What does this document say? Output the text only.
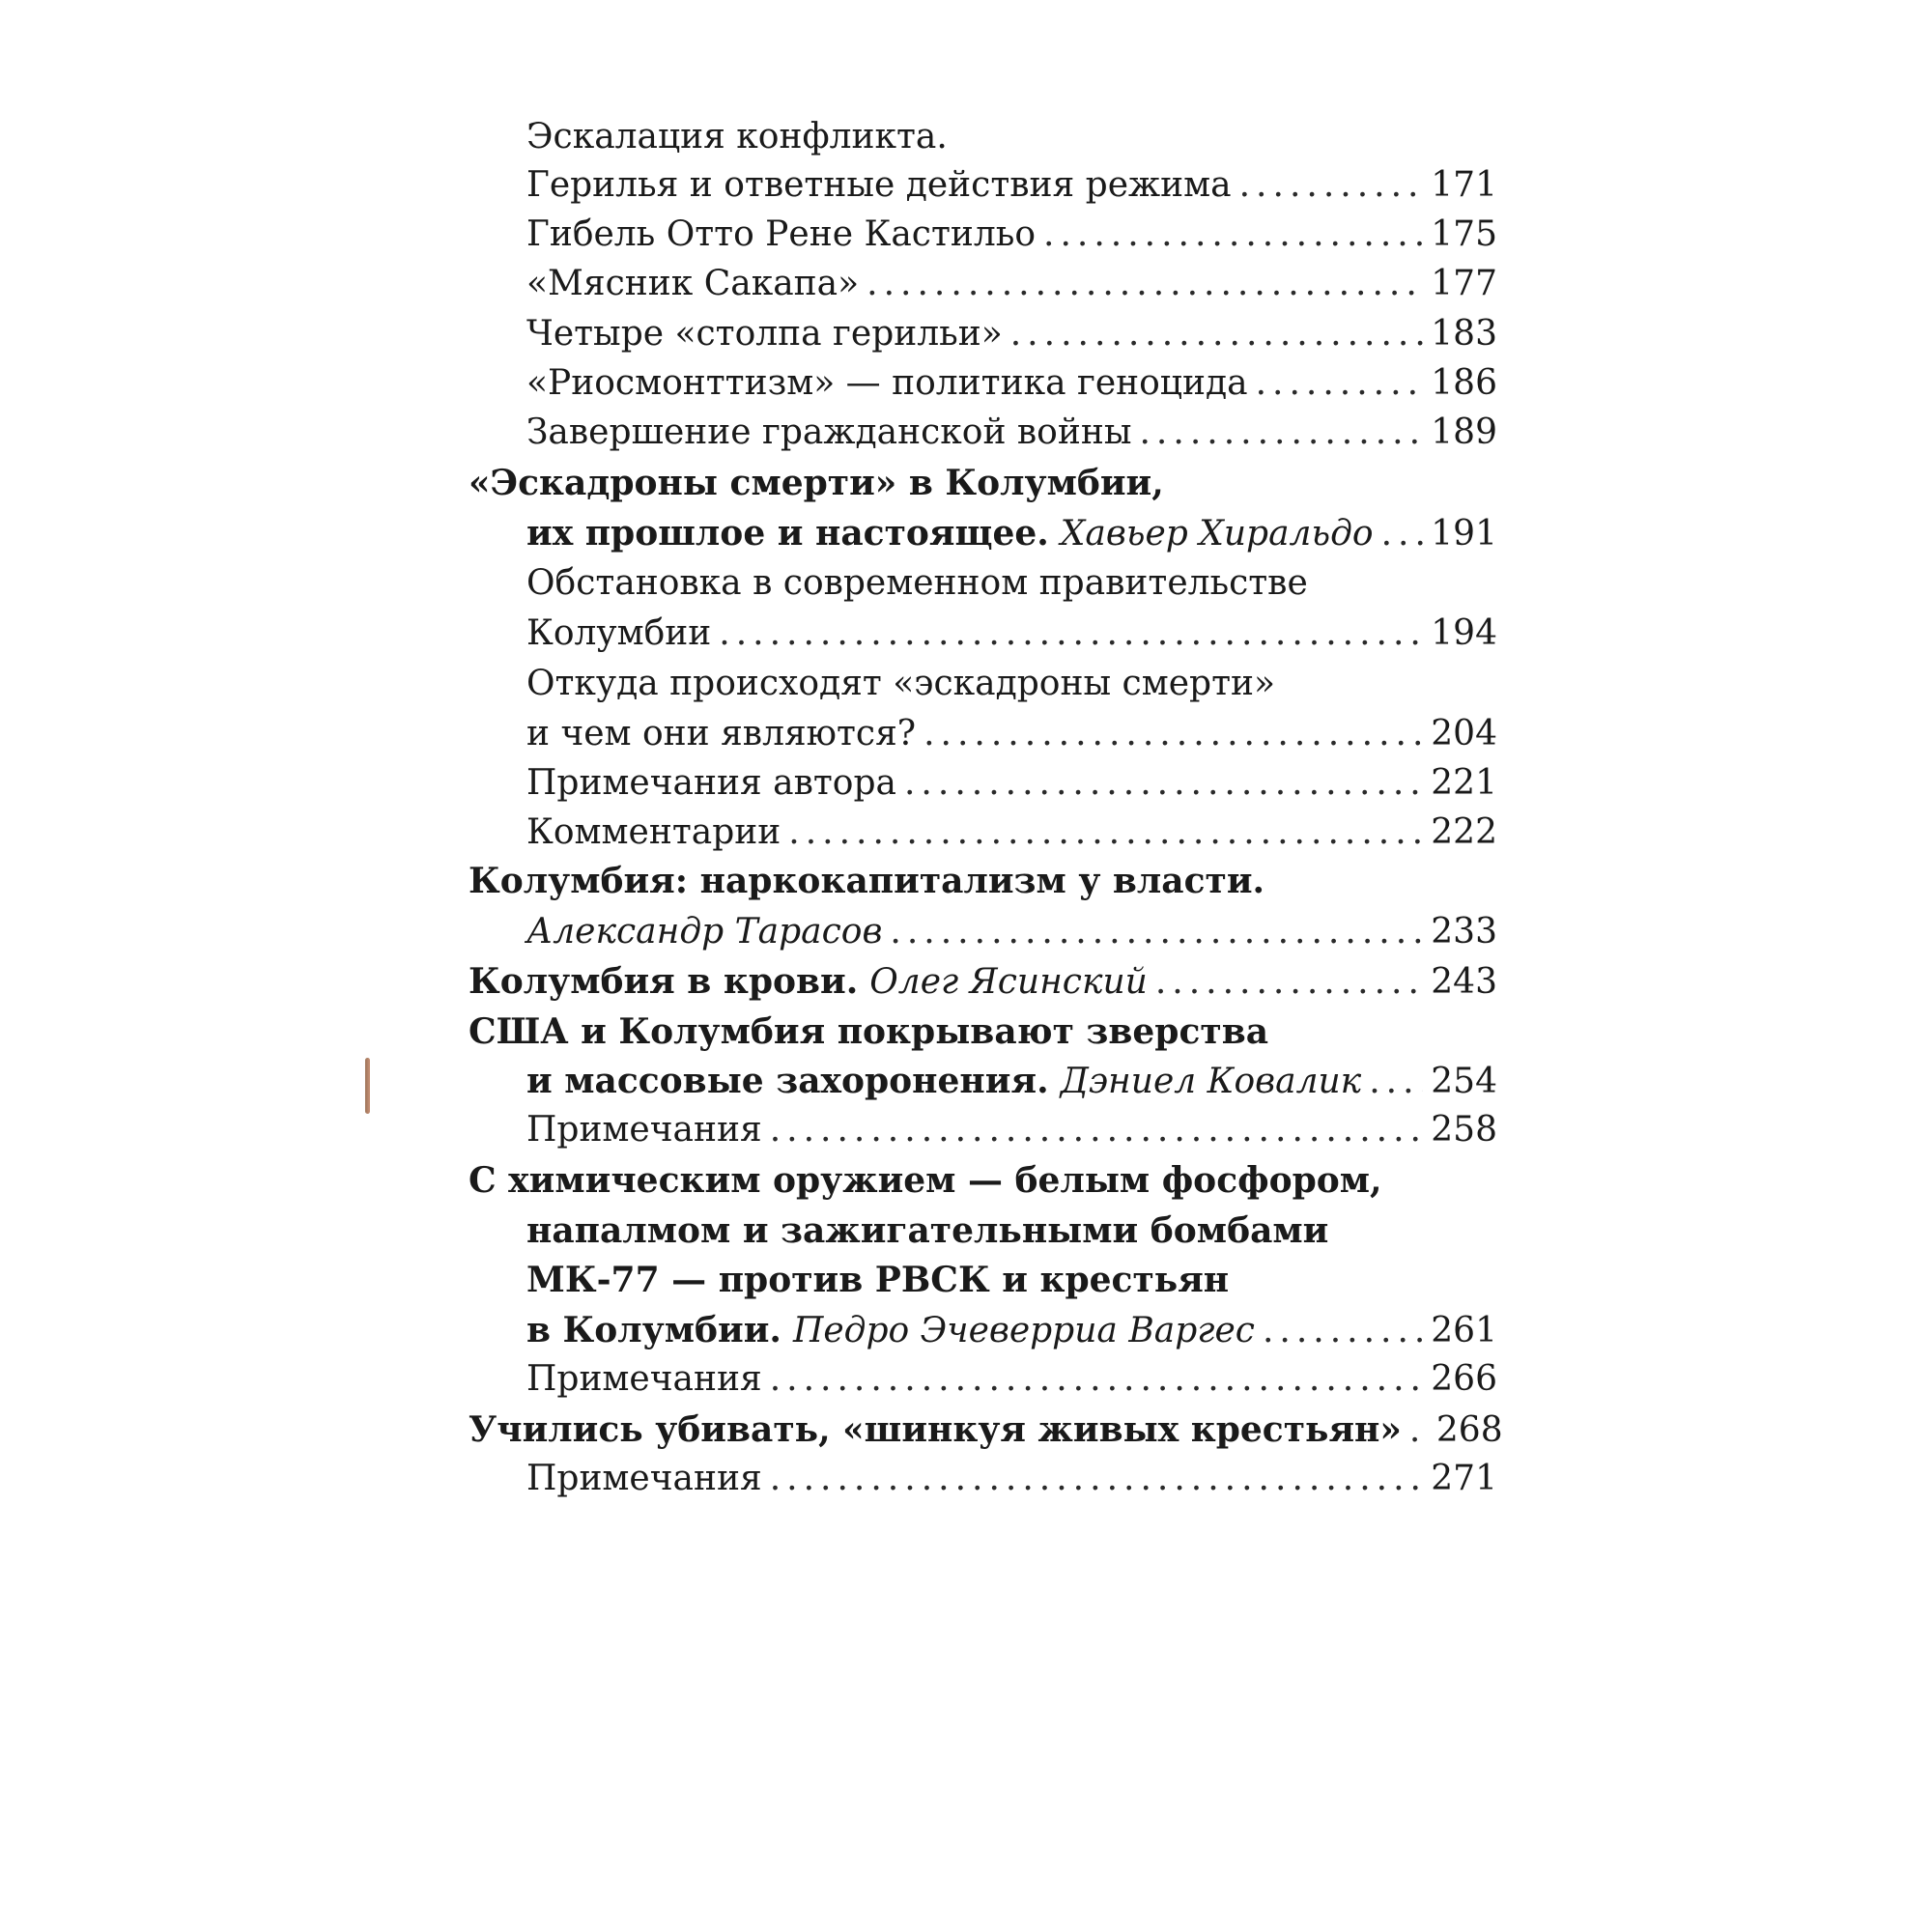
Эскалация конфликта.
Герилья и ответные действия режима .....	171
Гибель Отто Рене Кастильо .....	175
«Мясник Сакапа» .....	177
Четыре «столпа герильи» .....	183
«Риосмонттизм» — политика геноцида .....	186
Завершение гражданской войны .....	189
«Эскадроны смерти» в Колумбии,
их прошлое и настоящее. Хавьер Хиральдо ..... 191
Обстановка в современном правительстве
Колумбии .....	194
Откуда происходят «эскадроны смерти»
и чем они являются? .....	204
Примечания автора .....	221
Комментарии .....	222
Колумбия: наркокапитализм у власти.
Александр Тарасов .....	233
Колумбия в крови. Олег Ясинский .....	243
США и Колумбия покрывают зверства
и массовые захоронения. Дэниел Ковалик ..... 254
Примечания .....	258
С химическим оружием — белым фосфором,
напалмом и зажигательными бомбами
МК-77 — против РВСК и крестьян
в Колумбии. Педро Эчеверриа Варгес .....	261
Примечания .....	266
Учились убивать, «шинкуя живых крестьян» ..... 268
Примечания .....	271
